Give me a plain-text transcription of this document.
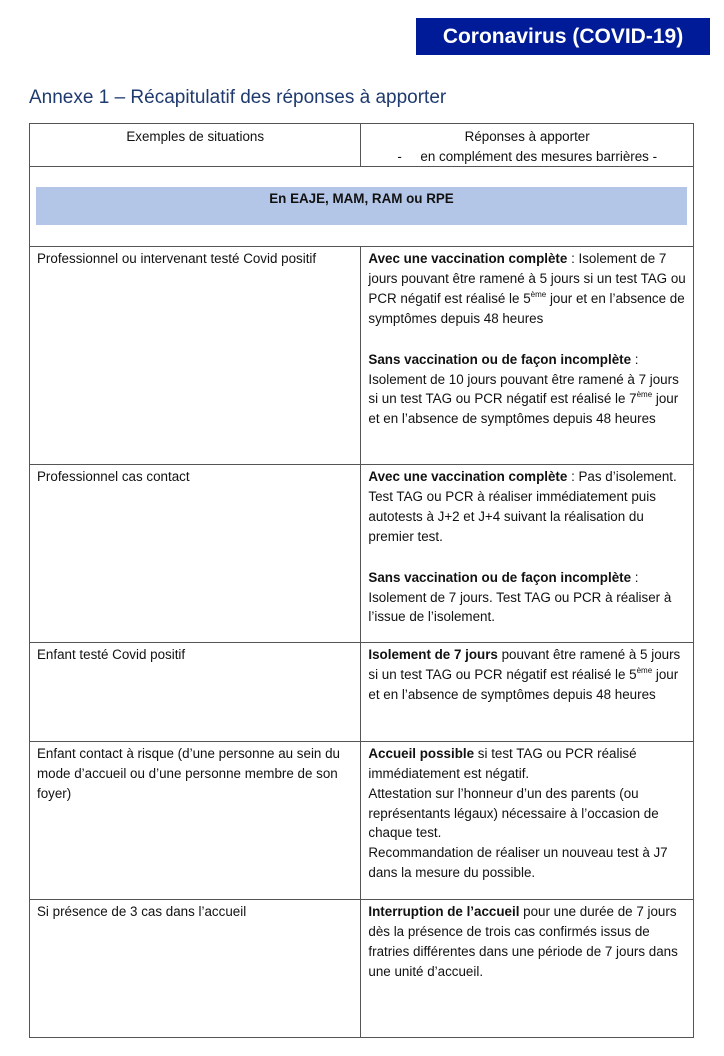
Coronavirus (COVID-19)
Annexe 1 – Récapitulatif des réponses à apporter
Exemples de situations	Réponses à apporter
-     en complément des mesures barrières -

En EAJE, MAM, RAM ou RPE	

Professionnel ou intervenant testé Covid positif	Avec une vaccination complète : Isolement de 7 jours pouvant être ramené à 5 jours si un test TAG ou PCR négatif est réalisé le 5ème jour et en l’absence de symptômes depuis 48 heures
Sans vaccination ou de façon incomplète : Isolement de 10 jours pouvant être ramené à 7 jours si un test TAG ou PCR négatif est réalisé le 7ème jour et en l’absence de symptômes depuis 48 heures

Professionnel cas contact	Avec une vaccination complète : Pas d’isolement. Test TAG ou PCR à réaliser immédiatement puis autotests à J+2 et J+4 suivant la réalisation du premier test.
Sans vaccination ou de façon incomplète : Isolement de 7 jours. Test TAG ou PCR à réaliser à l’issue de l’isolement.

Enfant testé Covid positif	Isolement de 7 jours pouvant être ramené à 5 jours si un test TAG ou PCR négatif est réalisé le 5ème jour et en l’absence de symptômes depuis 48 heures

Enfant contact à risque (d’une personne au sein du mode d’accueil ou d’une personne membre de son foyer)	Accueil possible si test TAG ou PCR réalisé immédiatement est négatif.
Attestation sur l’honneur d’un des parents (ou représentants légaux) nécessaire à l’occasion de chaque test.
Recommandation de réaliser un nouveau test à J7 dans la mesure du possible.

Si présence de 3 cas dans l’accueil	Interruption de l’accueil pour une durée de 7 jours dès la présence de trois cas confirmés issus de fratries différentes dans une période de 7 jours dans une unité d’accueil.
